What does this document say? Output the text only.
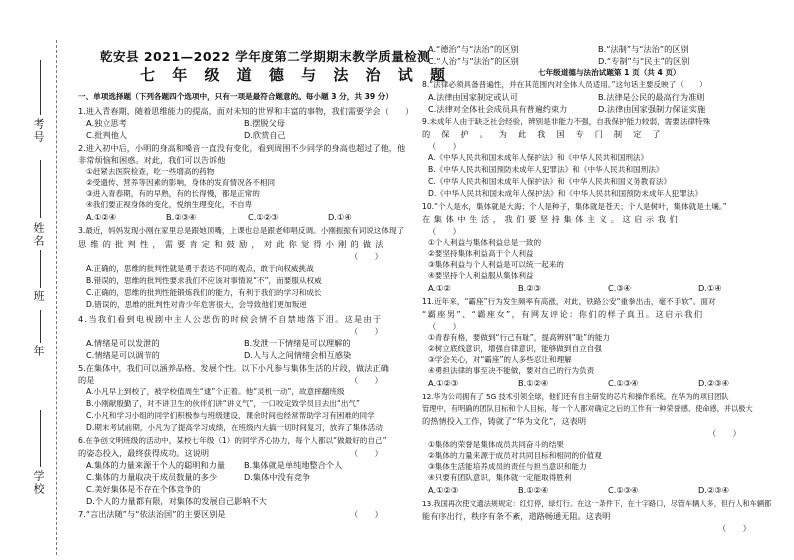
考号
姓名
班
年
学校
乾安县 2021—2022 学年度第二学期期末教学质量检测
七 年 级 道 德 与 法 治 试 题
一、单项选择题（下列各题四个选项中，只有一项是最符合题意的。每小题 3 分，共 39 分）
1.进入青春期，随着思维能力的提高，面对未知的世界和丰富的事物，我们需要学会（　　）
A.独立思考	B.摆脱父母
C.批判他人	D.欣赏自己
2.进入初中后，小明的身高和嗓音一直没有变化，看到周围不少同学的身高也超过了他，他
非常烦恼和困惑。对此，我们可以告诉他
①赶紧去医院检查，吃一些增高的药物
②受遗传、营养等因素的影响，身体的发育情况各不相同
③进入青春期，有的早熟，有的长得慢，都是正常的
④我们要正视身体的变化，悦纳生理变化，不自卑
A.①②④	B.②③④	C.①②③	D.①④
3.最近，妈妈发现小刚在家里总是跟她顶嘴，上课也总是跟老师唱反调。小刚振振有词说这体现了
思维的批判性，需要肯定和鼓励，对此你觉得小刚的做法
（　　）
A.正确的，思维的批判性就是勇于表达不同的观点，敢于向权威挑战
B.错误的，思维的批判性要求我们不应该对事情说“不”，而要服从权威
C.正确的，思维的批判性能锻炼我们的能力，有利于我们的学习和成长
D.错误的，思维的批判性对青少年危害很大，会导致他们更加叛逆
4.当我们看到电视剧中主人公悲伤的时候会情不自禁地落下泪。这是由于
（　　）
A.情绪是可以发泄的	B.发泄一下情绪是可以理解的
C.情绪是可以调节的	D.人与人之间情绪会相互感染
5.在集体中，我们可以涵养品格、发展个性。以下小凡参与集体生活的片段，做法正确
的是	（　　）
A.小凡早上到校了，被学校值周生“逮”个正着。他“灵机一动”，故意摔翻班级
B.小刚献殷勤了，对不讲卫生的伙伴们讲“讲义气”，一口咬定致学员目去出“出气”
C.小凡和学习小组的同学们积极参与班级建设，课余时间也经常帮助学习有困难的同学
D.期末考试前期，小凡为了提高学习成绩，在班级内大搞一切时间复习，放弃了集体活动
6.在争创文明班级的活动中，某校七年级（1）的同学齐心协力，每个人都以“做最好的自己”
的姿态投入，最终获得成功。这说明	（　　）
A.集体的力量来源于个人的聪明和力量 B.集体就是单纯地整合个人
C.集体的力量取决于成员数量的多少	D.集体中没有竞争
C.美好集体是不存在个体竞争的
D.个人的力量都有限，对集体的发展自己影响不大
7.“言出法随”与“依法治国”的主要区别是	（　　）
A.“德治”与“法治”的区别	B.“法制”与“法治”的区别
C.“人治”与“法治”的区别	D.“专制”与“民主”的区别
七年级道德与法治试题第 1 页（共 4 页）
8.“法律必须具备普遍性，并在其范围内对全体人员适用。”这句话主要反映了（　　）
A.法律由国家制定或认可	B.法律是公民的最高行为准则
C.法律对全体社会成员具有普遍约束力	D.法律由国家强制力保证实施
9.未成年人由于缺乏社会经验，辨别是非能力不强，自我保护能力较弱，需要法律特殊
的保护。为此我国专门制定了
（　　）
A.《中华人民共和国未成年人保护法》和《中华人民共和国刑法》
B.《中华人民共和国预防未成年人犯罪法》和《中华人民共和国刑法》
C.《中华人民共和国未成年人保护法》和《中华人民共和国义务教育法》
D.《中华人民共和国未成年人保护法》和《中华人民共和国预防未成年人犯罪法》
10.“个人是水，集体就是大海；个人是种子，集体就是苍天；个人是树叶，集体就是土壤。”
在集体中生活，我们要坚持集体主义。这启示我们
（　　）
①个人利益与集体利益总是一致的
②要坚持集体利益高于个人利益
③集体利益与个人利益是可以统一起来的
④要坚持个人利益服从集体利益
A.①②	B.②③	C.③④	D.①④
11.近年来，“霸座”行为发生频率有高涨，对此，铁路公安“重拳出击，毫不手软”。面对
“霸座男”、“霸座女”，有网友评论：你们的样子真丑。这启示我们
（　　）
①青春有格，要做到“行己有耻”，提高辨别“耻”的能力
②树立底线意识，增强自律意识，能够做到自立自强
③学会关心，对“霸座”的人多些忍让和理解
④勇担法律的事至决不能做，要对自己的行为负责
A.①②③	B.①②④	C.①③④	D.②③④
12.华为公司拥有了 5G 技术引领全球，他们还有自主研发的芯片和操作系统。在华为的项目团队
管理中，有明确的团队目标和个人目标，每一个人都对确定之后的工作有一种荣誉感、使命感，并以极大
的热情投入工作，铸就了“华为文化”，这表明
（　　）
①集体的荣誉是集体成员共同奋斗的结果
②集体的力量来源于成员对共同目标和相同的价值观
③集体生活能培养成员的责任与担当意识和能力
④只要有团队意识，集体就一定能取得胜利
A.①②③	B.①②④	C.①③④	D.②③④
13.我国再次使文通法规规定：红灯停，绿灯行。在这一条件下，在十字路口，尽管车辆人多，但行人和车辆都
能有序出行，秩序有条不紊，道路畅通无阻。这表明
（　　）
